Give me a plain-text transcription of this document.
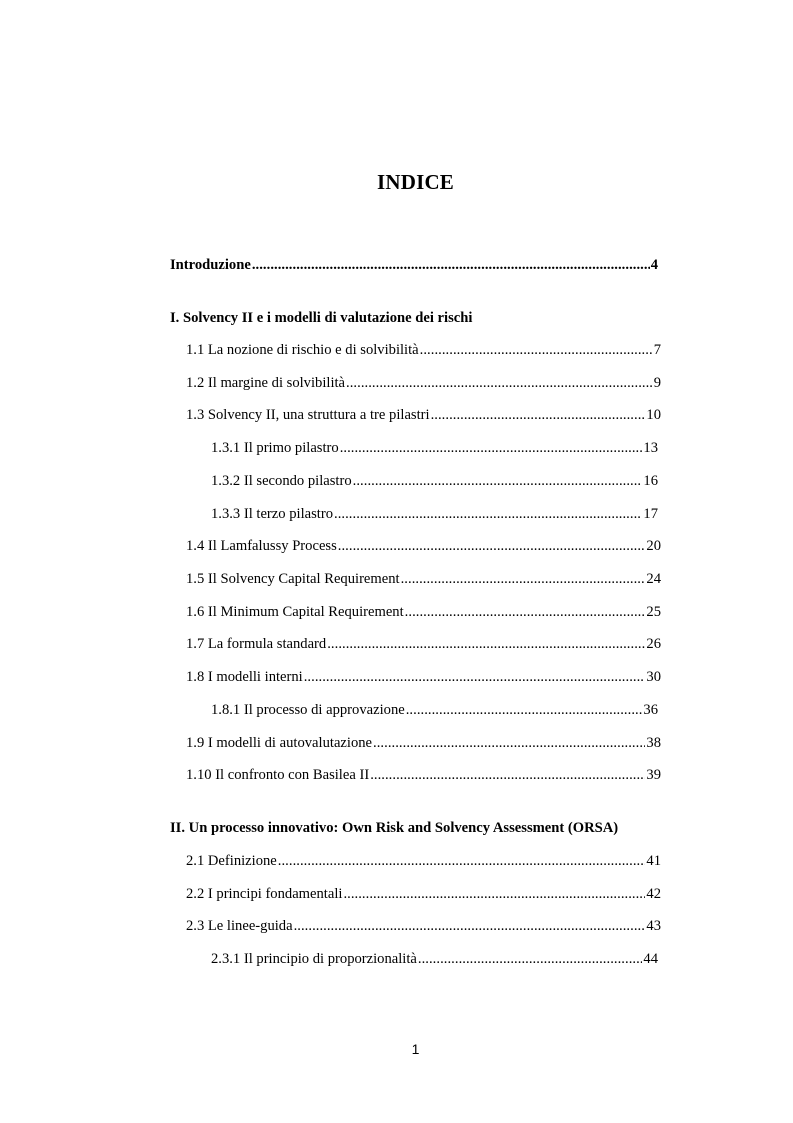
INDICE
Introduzione .....	4
I. Solvency II e i modelli di valutazione dei rischi
1.1 La nozione di rischio e di solvibilità .....	7
1.2 Il margine di solvibilità .....	9
1.3 Solvency II, una struttura a tre pilastri .....	10
1.3.1 Il primo pilastro .....	13
1.3.2 Il secondo pilastro .....	16
1.3.3 Il terzo pilastro .....	17
1.4 Il Lamfalussy Process .....	20
1.5 Il Solvency Capital Requirement .....	24
1.6 Il Minimum Capital Requirement .....	25
1.7 La formula standard .....	26
1.8 I modelli interni .....	30
1.8.1 Il processo di approvazione .....	36
1.9 I modelli di autovalutazione .....	38
1.10 Il confronto con Basilea II .....	39
II. Un processo innovativo: Own Risk and Solvency Assessment (ORSA)
2.1 Definizione .....	41
2.2 I principi fondamentali .....	42
2.3 Le linee-guida .....	43
2.3.1 Il principio di proporzionalità .....	44
1
